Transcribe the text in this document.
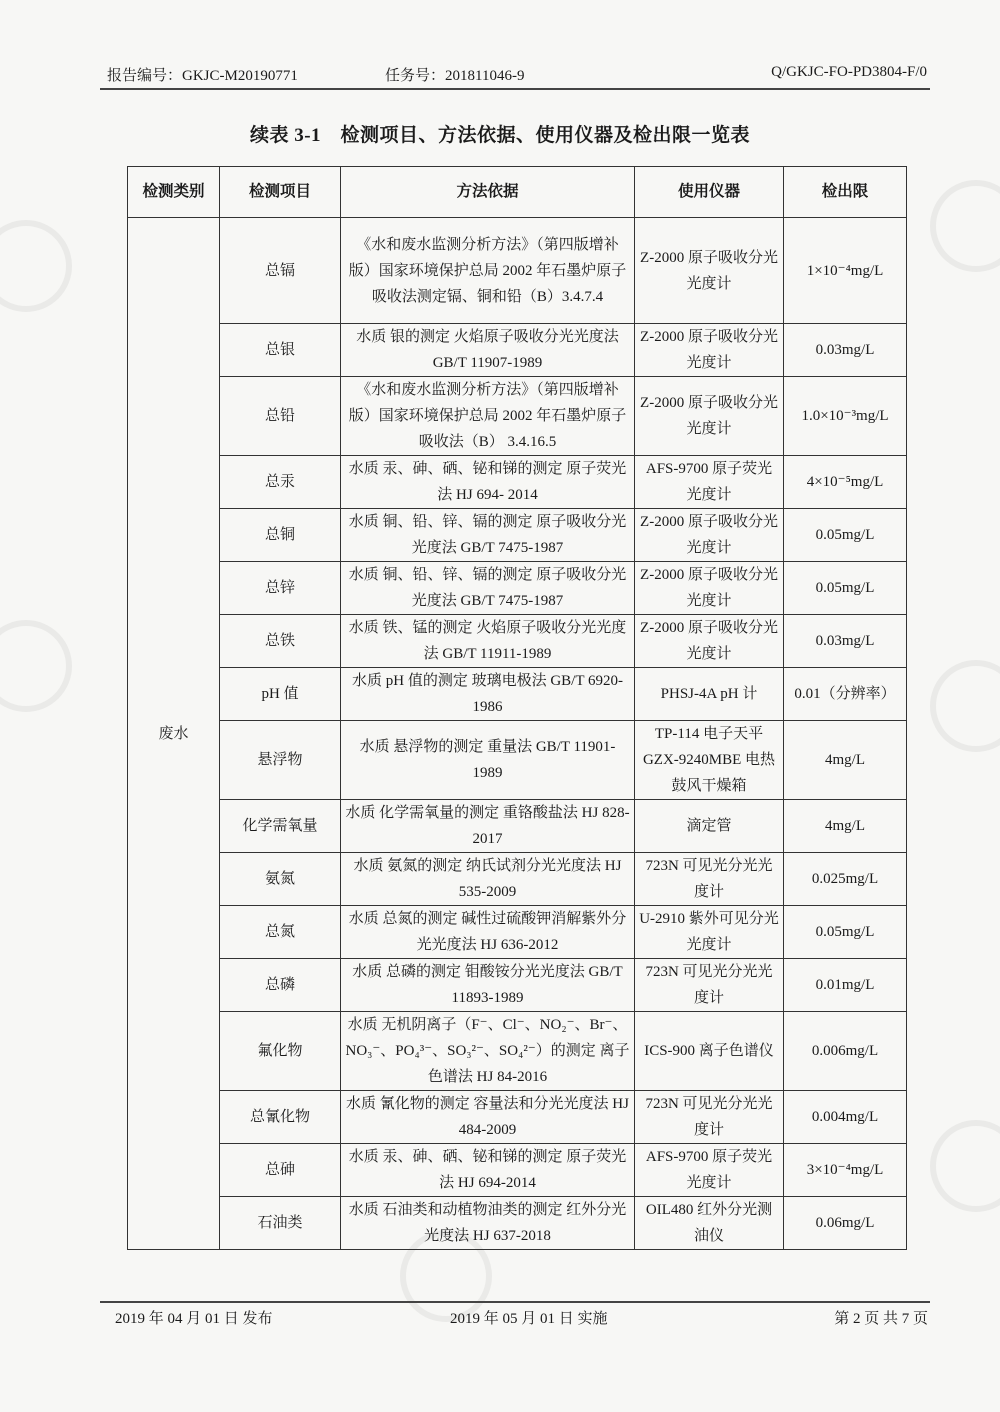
报告编号：GKJC-M20190771	任务号：201811046-9	Q/GKJC-FO-PD3804-F/0
续表 3-1　检测项目、方法依据、使用仪器及检出限一览表
检测类别	检测项目	方法依据	使用仪器	检出限
废水	总镉	《水和废水监测分析方法》（第四版增补版）国家环境保护总局 2002 年石墨炉原子吸收法测定镉、铜和铅（B）3.4.7.4	Z-2000 原子吸收分光光度计	1×10⁻⁴mg/L
	总银	水质 银的测定 火焰原子吸收分光光度法 GB/T 11907-1989	Z-2000 原子吸收分光光度计	0.03mg/L
	总铅	《水和废水监测分析方法》（第四版增补版）国家环境保护总局 2002 年石墨炉原子吸收法（B） 3.4.16.5	Z-2000 原子吸收分光光度计	1.0×10⁻³mg/L
	总汞	水质 汞、砷、硒、铋和锑的测定 原子荧光法 HJ 694- 2014	AFS-9700 原子荧光光度计	4×10⁻⁵mg/L
	总铜	水质 铜、铅、锌、镉的测定 原子吸收分光光度法 GB/T 7475-1987	Z-2000 原子吸收分光光度计	0.05mg/L
	总锌	水质 铜、铅、锌、镉的测定 原子吸收分光光度法 GB/T 7475-1987	Z-2000 原子吸收分光光度计	0.05mg/L
	总铁	水质 铁、锰的测定 火焰原子吸收分光光度法 GB/T 11911-1989	Z-2000 原子吸收分光光度计	0.03mg/L
	pH 值	水质 pH 值的测定 玻璃电极法 GB/T 6920-1986	PHSJ-4A pH 计	0.01（分辨率）
	悬浮物	水质 悬浮物的测定 重量法 GB/T 11901-1989	TP-114 电子天平 GZX-9240MBE 电热鼓风干燥箱	4mg/L
	化学需氧量	水质 化学需氧量的测定 重铬酸盐法 HJ 828-2017	滴定管	4mg/L
	氨氮	水质 氨氮的测定 纳氏试剂分光光度法 HJ 535-2009	723N 可见光分光光度计	0.025mg/L
	总氮	水质 总氮的测定 碱性过硫酸钾消解紫外分光光度法 HJ 636-2012	U-2910 紫外可见分光光度计	0.05mg/L
	总磷	水质 总磷的测定 钼酸铵分光光度法 GB/T 11893-1989	723N 可见光分光光度计	0.01mg/L
	氟化物	水质 无机阴离子（F⁻、Cl⁻、NO₂⁻、Br⁻、NO₃⁻、PO₄³⁻、SO₃²⁻、SO₄²⁻）的测定 离子色谱法 HJ 84-2016	ICS-900 离子色谱仪	0.006mg/L
	总氰化物	水质 氰化物的测定 容量法和分光光度法 HJ 484-2009	723N 可见光分光光度计	0.004mg/L
	总砷	水质 汞、砷、硒、铋和锑的测定 原子荧光法 HJ 694-2014	AFS-9700 原子荧光光度计	3×10⁻⁴mg/L
	石油类	水质 石油类和动植物油类的测定 红外分光光度法 HJ 637-2018	OIL480 红外分光测油仪	0.06mg/L
2019 年 04 月 01 日 发布	2019 年 05 月 01 日 实施	第 2 页 共 7 页
